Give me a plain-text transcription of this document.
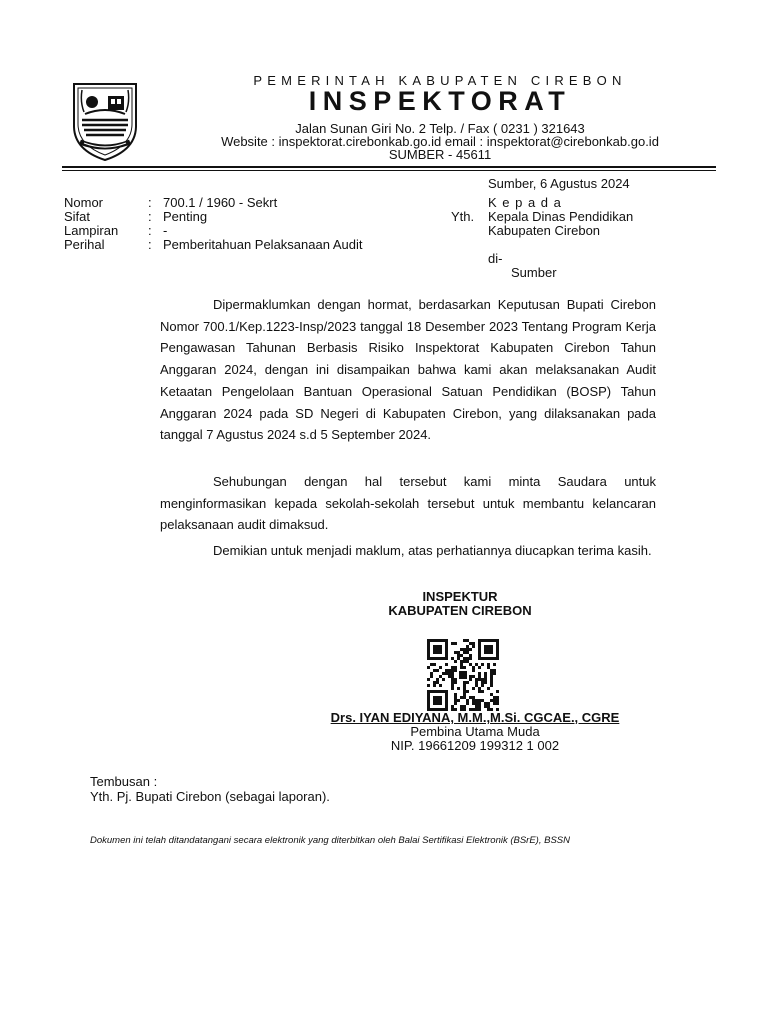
PEMERINTAH KABUPATEN CIREBON
INSPEKTORAT
Jalan Sunan Giri No. 2 Telp. / Fax ( 0231 ) 321643
Website : inspektorat.cirebonkab.go.id email : inspektorat@cirebonkab.go.id
SUMBER - 45611
Sumber, 6 Agustus 2024
Nomor	: 700.1 / 1960 - Sekrt
Sifat	: Penting
Lampiran : -
Perihal	: Pemberitahuan Pelaksanaan Audit
K e p a d a
Yth. Kepala Dinas Pendidikan
Kabupaten Cirebon
di-
Sumber
Dipermaklumkan dengan hormat, berdasarkan Keputusan Bupati Cirebon Nomor 700.1/Kep.1223-Insp/2023 tanggal 18 Desember 2023 Tentang Program Kerja Pengawasan Tahunan Berbasis Risiko Inspektorat Kabupaten Cirebon Tahun Anggaran 2024, dengan ini disampaikan bahwa kami akan melaksanakan Audit Ketaatan Pengelolaan Bantuan Operasional Satuan Pendidikan (BOSP) Tahun Anggaran 2024 pada SD Negeri di Kabupaten Cirebon, yang dilaksanakan pada tanggal 7 Agustus 2024 s.d 5 September 2024.
Sehubungan dengan hal tersebut kami minta Saudara untuk menginformasikan kepada sekolah-sekolah tersebut untuk membantu kelancaran pelaksanaan audit dimaksud.
Demikian untuk menjadi maklum, atas perhatiannya diucapkan terima kasih.
INSPEKTUR
KABUPATEN CIREBON
Drs. IYAN EDIYANA, M.M.,M.Si. CGCAE., CGRE
Pembina Utama Muda
NIP. 19661209 199312 1 002
Tembusan :
Yth. Pj. Bupati Cirebon (sebagai laporan).
Dokumen ini telah ditandatangani secara elektronik yang diterbitkan oleh Balai Sertifikasi Elektronik (BSrE), BSSN
